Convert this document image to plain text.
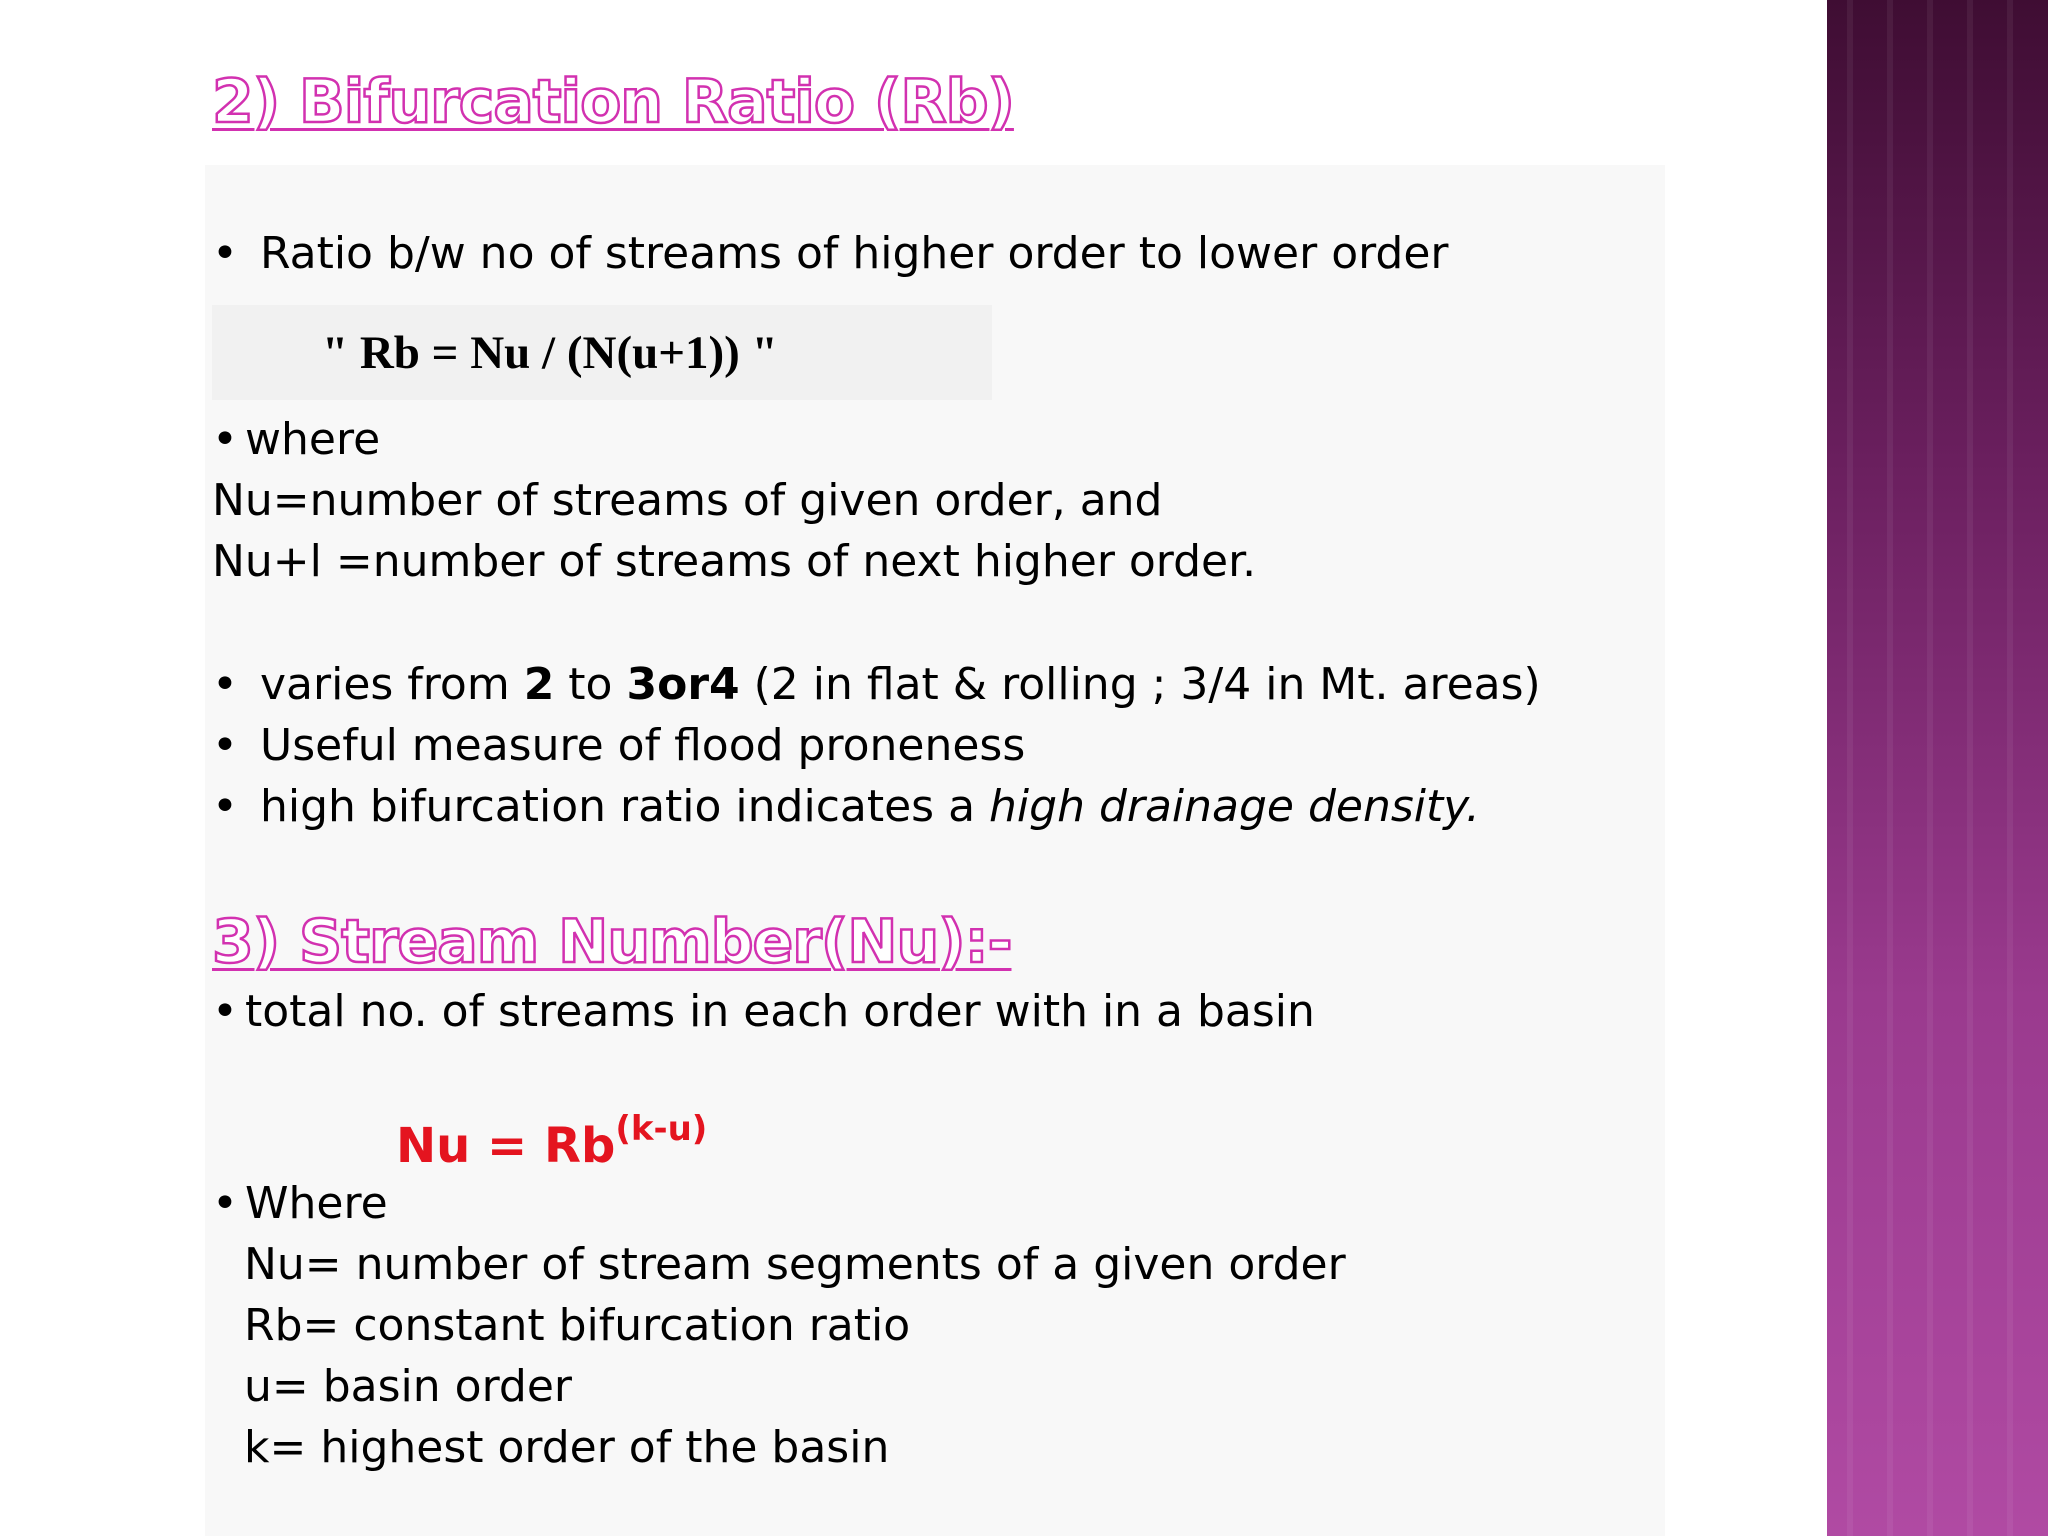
2) Bifurcation Ratio (Rb)
• Ratio b/w no of streams of higher order to lower order
" Rb = Nu / (N(u+1)) "
• where
Nu=number of streams of given order, and
Nu+l =number of streams of next higher order.
• varies from 2 to 3or4 (2 in flat & rolling ; 3/4 in Mt. areas)
• Useful measure of flood proneness
• high bifurcation ratio indicates a high drainage density.
3) Stream Number(Nu):-
• total no. of streams in each order with in a basin
$Nu = Rb^{(k-u)}$
• Where
Nu= number of stream segments of a given order
Rb= constant bifurcation ratio
u= basin order
k= highest order of the basin
